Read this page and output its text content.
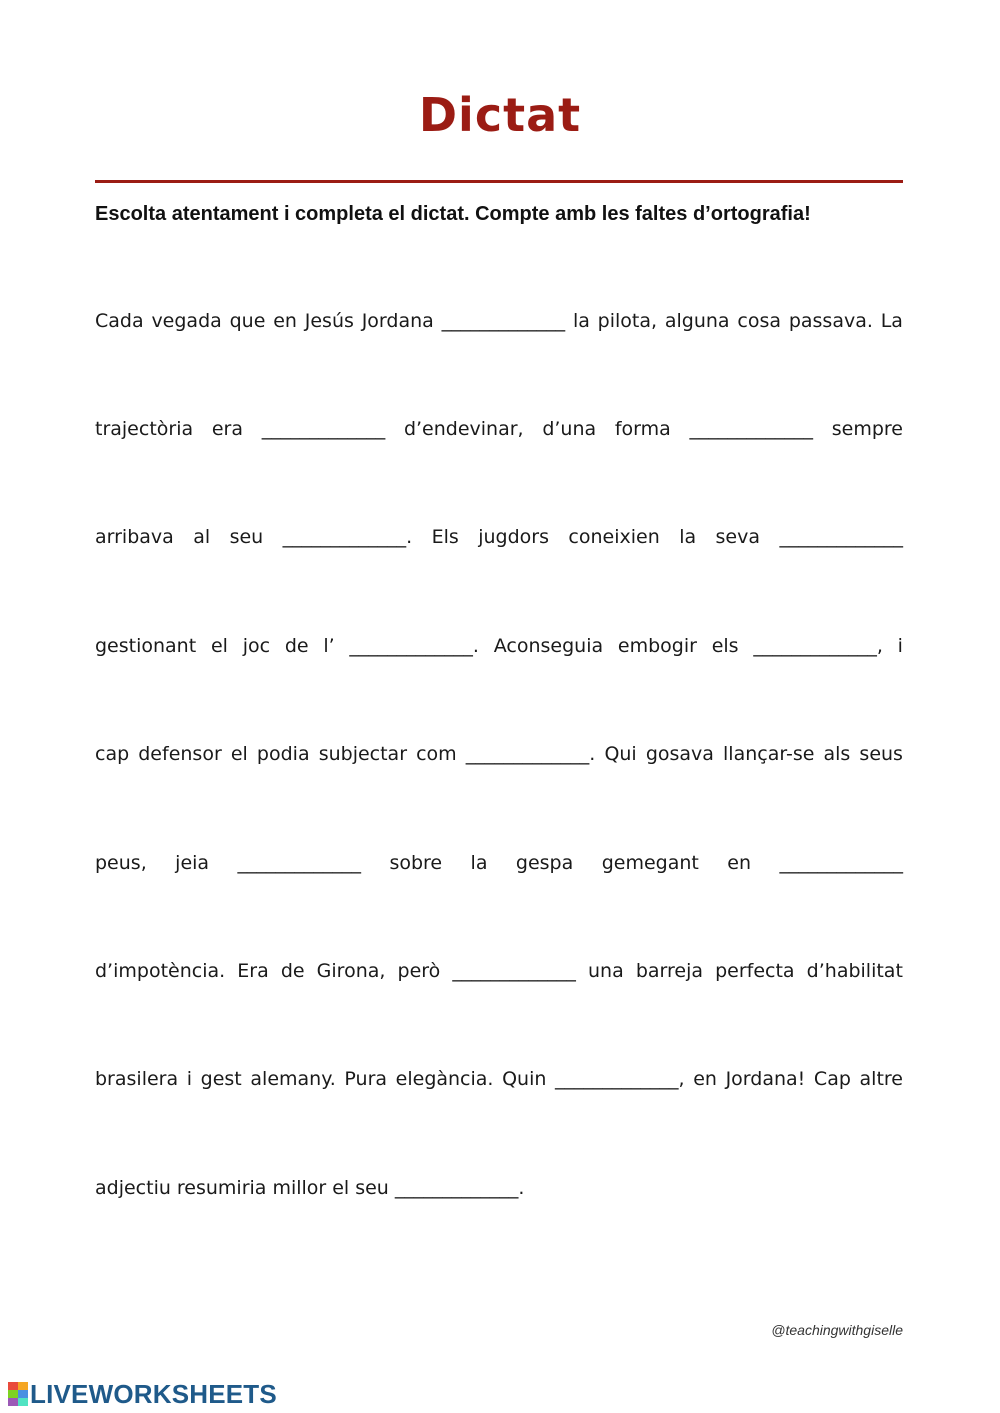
Dictat

Escolta atentament i completa el dictat. Compte amb les faltes d’ortografia!

Cada vegada que en Jesús Jordana _____________ la pilota, alguna cosa passava. La
trajectòria era _____________ d’endevinar, d’una forma _____________ sempre
arribava al seu _____________. Els jugdors coneixien la seva _____________
gestionant el joc de l’ _____________. Aconseguia embogir els _____________, i
cap defensor el podia subjectar com _____________. Qui gosava llançar-se als seus
peus, jeia _____________ sobre la gespa gemegant en _____________
d’impotència. Era de Girona, però _____________ una barreja perfecta d’habilitat
brasilera i gest alemany. Pura elegància. Quin _____________, en Jordana! Cap altre
adjectiu resumiria millor el seu _____________.
@teachingwithgiselle
LIVEWORKSHEETS
